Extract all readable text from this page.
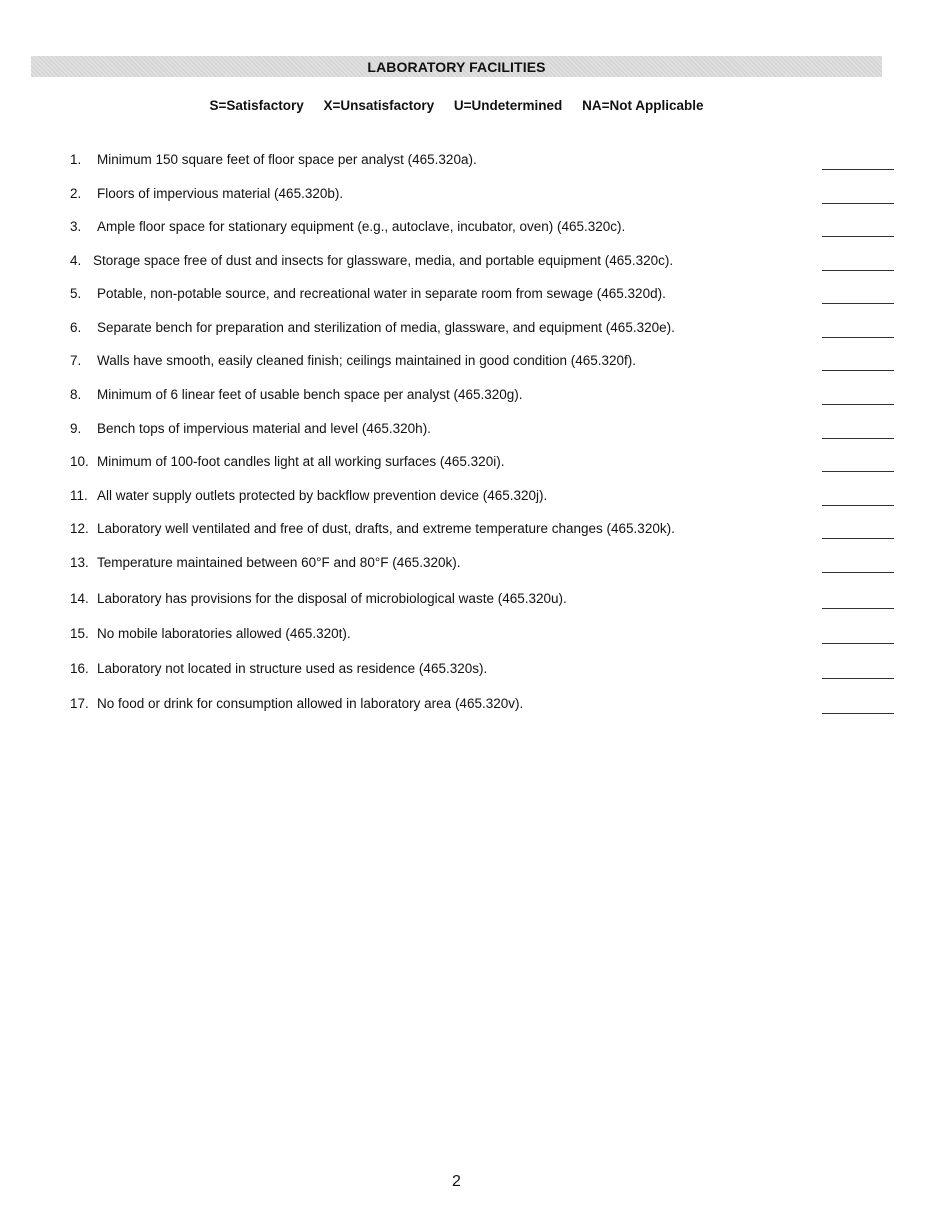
LABORATORY FACILITIES
S=Satisfactory X=Unsatisfactory U=Undetermined NA=Not Applicable
1. Minimum 150 square feet of floor space per analyst (465.320a).
2. Floors of impervious material (465.320b).
3. Ample floor space for stationary equipment (e.g., autoclave, incubator, oven) (465.320c).
4. Storage space free of dust and insects for glassware, media, and portable equipment (465.320c).
5. Potable, non-potable source, and recreational water in separate room from sewage (465.320d).
6. Separate bench for preparation and sterilization of media, glassware, and equipment (465.320e).
7. Walls have smooth, easily cleaned finish; ceilings maintained in good condition (465.320f).
8. Minimum of 6 linear feet of usable bench space per analyst (465.320g).
9. Bench tops of impervious material and level (465.320h).
10. Minimum of 100-foot candles light at all working surfaces (465.320i).
11. All water supply outlets protected by backflow prevention device (465.320j).
12. Laboratory well ventilated and free of dust, drafts, and extreme temperature changes (465.320k).
13. Temperature maintained between 60°F and 80°F (465.320k).
14. Laboratory has provisions for the disposal of microbiological waste (465.320u).
15. No mobile laboratories allowed (465.320t).
16. Laboratory not located in structure used as residence (465.320s).
17. No food or drink for consumption allowed in laboratory area (465.320v).
2
